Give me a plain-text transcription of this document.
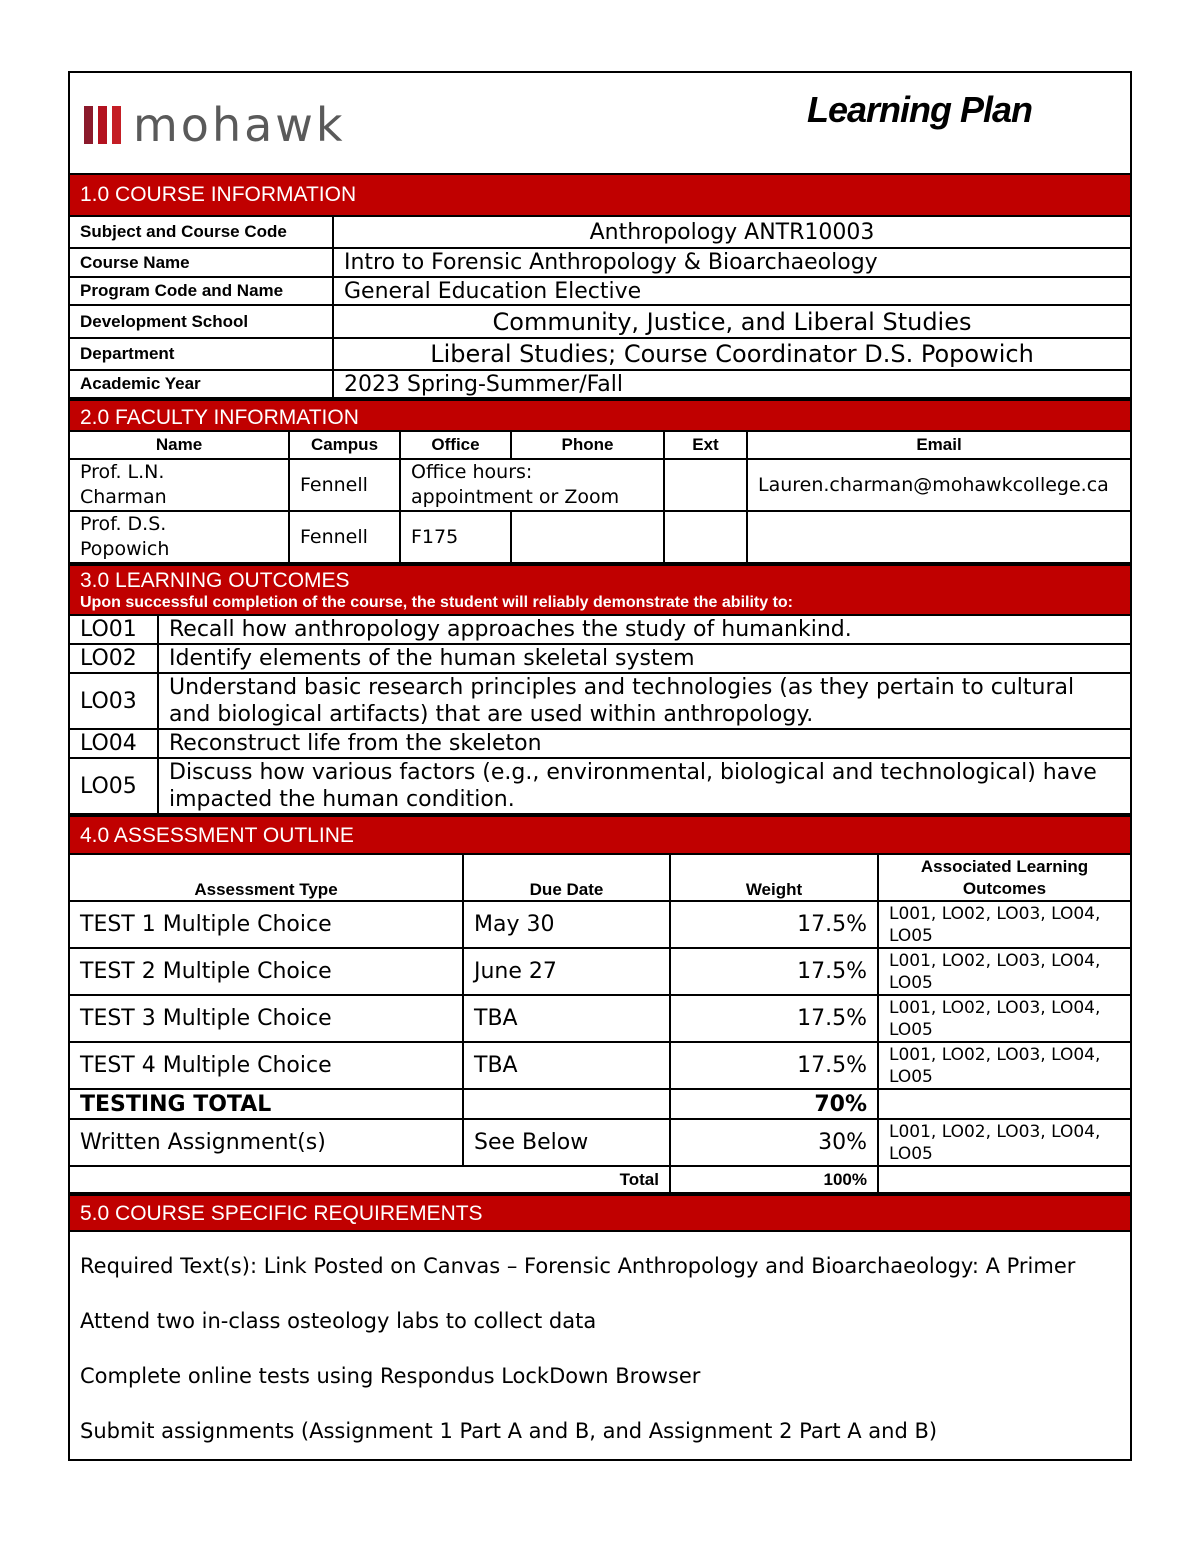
mohawk	Learning Plan
1.0 COURSE INFORMATION
Subject and Course Code	Anthropology ANTR10003
Course Name	Intro to Forensic Anthropology & Bioarchaeology
Program Code and Name	General Education Elective
Development School	Community, Justice, and Liberal Studies
Department	Liberal Studies; Course Coordinator D.S. Popowich
Academic Year	2023 Spring-Summer/Fall
2.0 FACULTY INFORMATION
Name	Campus	Office	Phone	Ext	Email
Prof. L.N. Charman	Fennell	Office hours: appointment or Zoom			Lauren.charman@mohawkcollege.ca
Prof. D.S. Popowich	Fennell	F175			
3.0 LEARNING OUTCOMES
Upon successful completion of the course, the student will reliably demonstrate the ability to:
LO01	Recall how anthropology approaches the study of humankind.
LO02	Identify elements of the human skeletal system
LO03	Understand basic research principles and technologies (as they pertain to cultural and biological artifacts) that are used within anthropology.
LO04	Reconstruct life from the skeleton
LO05	Discuss how various factors (e.g., environmental, biological and technological) have impacted the human condition.
4.0 ASSESSMENT OUTLINE
Assessment Type	Due Date	Weight	Associated Learning Outcomes
TEST 1 Multiple Choice	May 30	17.5%	L001, LO02, LO03, LO04, LO05
TEST 2 Multiple Choice	June 27	17.5%	L001, LO02, LO03, LO04, LO05
TEST 3 Multiple Choice	TBA	17.5%	L001, LO02, LO03, LO04, LO05
TEST 4 Multiple Choice	TBA	17.5%	L001, LO02, LO03, LO04, LO05
TESTING TOTAL		70%	
Written Assignment(s)	See Below	30%	L001, LO02, LO03, LO04, LO05
Total		100%	
5.0 COURSE SPECIFIC REQUIREMENTS

Required Text(s): Link Posted on Canvas – Forensic Anthropology and Bioarchaeology: A Primer

Attend two in-class osteology labs to collect data

Complete online tests using Respondus LockDown Browser

Submit assignments (Assignment 1 Part A and B, and Assignment 2 Part A and B)
